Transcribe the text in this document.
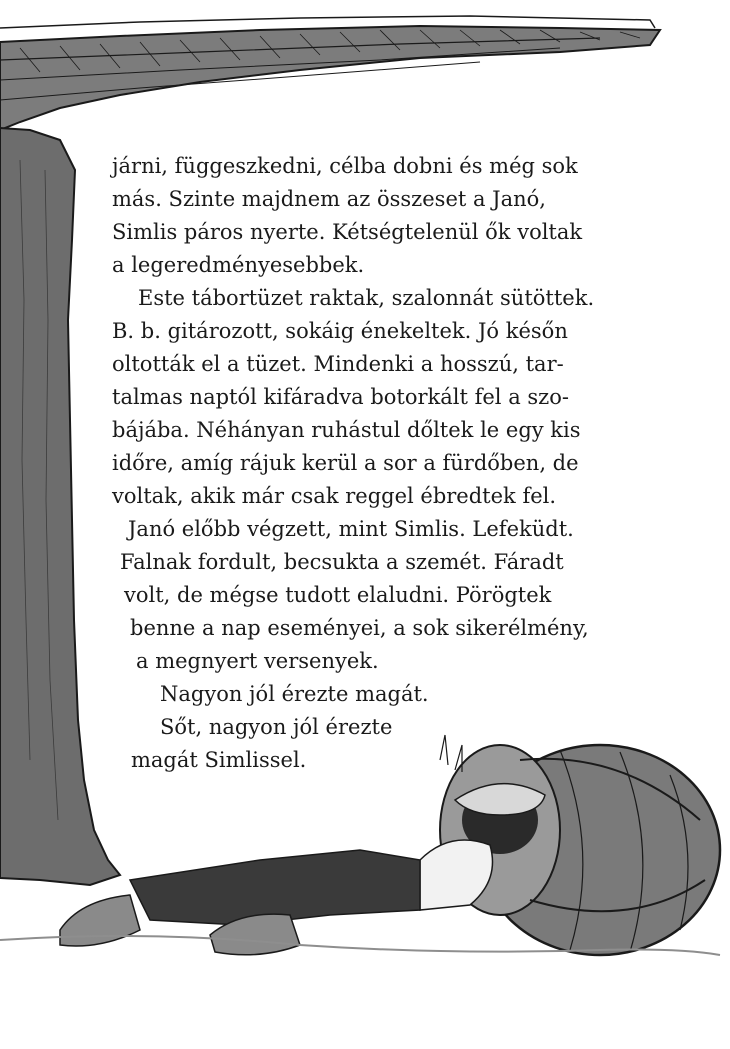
járni, függeszkedni, célba dobni és még sok
más. Szinte majdnem az összeset a Janó,
Simlis páros nyerte. Kétségtelenül ők voltak
a legeredményesebbek.
Este tábortüzet raktak, szalonnát sütöttek.
B. b. gitározott, sokáig énekeltek. Jó későn
oltották el a tüzet. Mindenki a hosszú, tar-
talmas naptól kifáradva botorkált fel a szo-
bájába. Néhányan ruhástul dőltek le egy kis
időre, amíg rájuk kerül a sor a fürdőben, de
voltak, akik már csak reggel ébredtek fel.
Janó előbb végzett, mint Simlis. Lefeküdt.
Falnak fordult, becsukta a szemét. Fáradt
volt, de mégse tudott elaludni. Pörögtek
benne a nap eseményei, a sok sikerélmény,
a megnyert versenyek.
Nagyon jól érezte magát.
Sőt, nagyon jól érezte
magát Simlissel.
